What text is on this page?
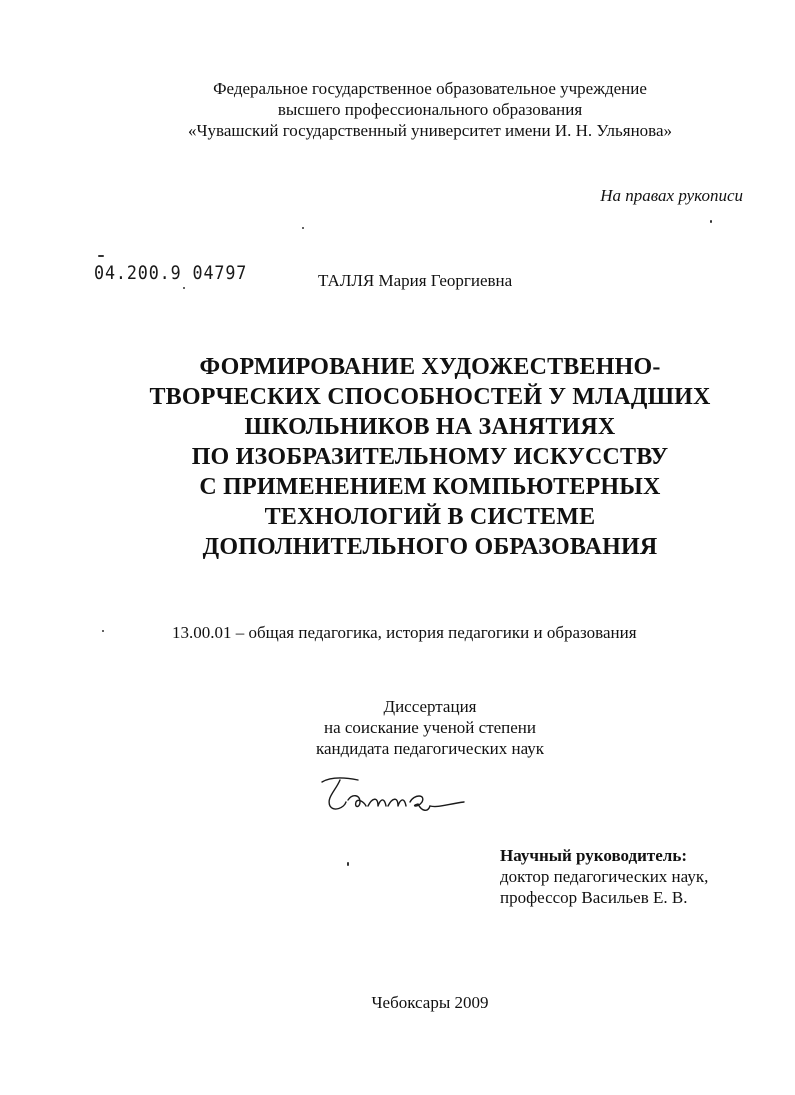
Федеральное государственное образовательное учреждение
высшего профессионального образования
«Чувашский государственный университет имени И. Н. Ульянова»
На правах рукописи
04.200.9 04797	ТАЛЛЯ Мария Георгиевна
ФОРМИРОВАНИЕ ХУДОЖЕСТВЕННО-
ТВОРЧЕСКИХ СПОСОБНОСТЕЙ У МЛАДШИХ
ШКОЛЬНИКОВ НА ЗАНЯТИЯХ
ПО ИЗОБРАЗИТЕЛЬНОМУ ИСКУССТВУ
С ПРИМЕНЕНИЕМ КОМПЬЮТЕРНЫХ
ТЕХНОЛОГИЙ В СИСТЕМЕ
ДОПОЛНИТЕЛЬНОГО ОБРАЗОВАНИЯ
13.00.01 – общая педагогика, история педагогики и образования
Диссертация
на соискание ученой степени
кандидата педагогических наук
Научный руководитель:
доктор педагогических наук,
профессор Васильев Е. В.
Чебоксары 2009
